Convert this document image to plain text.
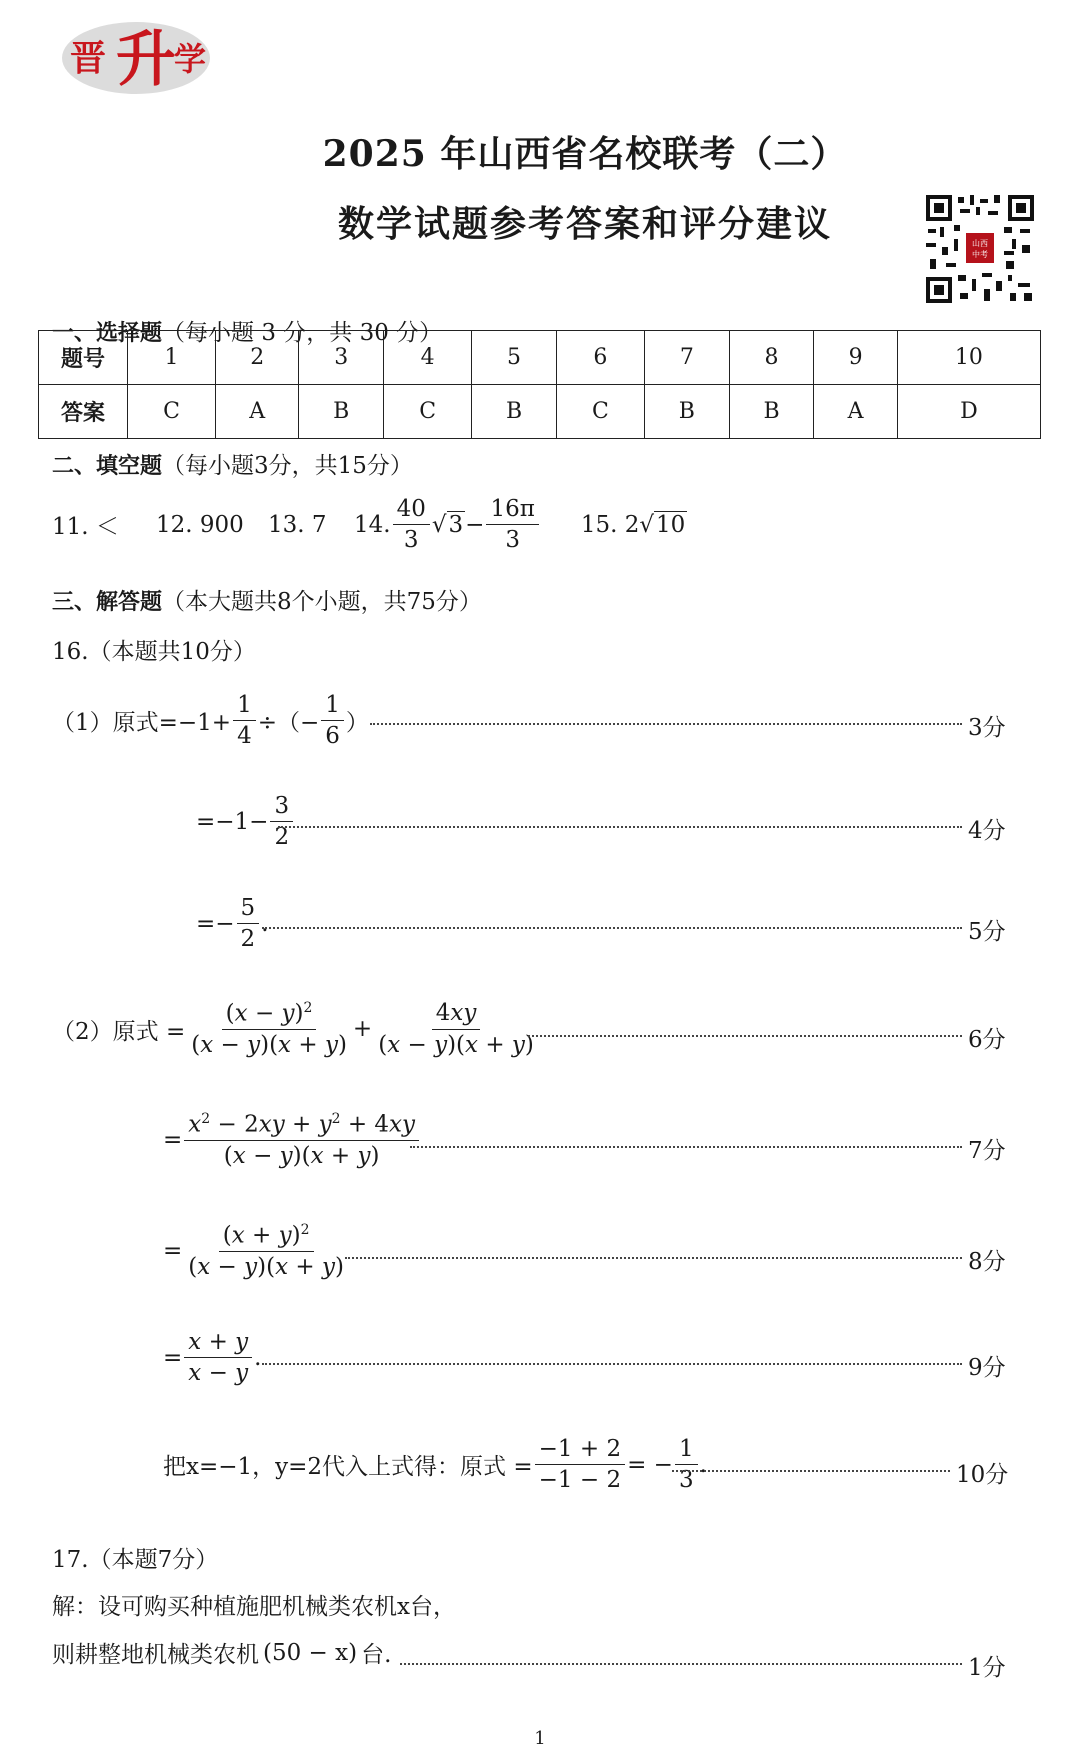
晋 升
学
2025 年山西省名校联考（二）
数学试题参考答案和评分建议	山西
中考
一、选择题（每小题 3 分，共 30 分）
题号	1	2	3	4	5	6	7	8	9	10
答案	C	A	B	C	B	C	B	B	A	D
二、填空题（每小题3分，共15分）
11. ＜	12. 900	13. 7	14. $\frac{40}{3} √3 - \frac{16\pi}{3} 15$. 2 √10
三、解答题（本大题共8个小题，共75分）
16.（本题共10分）
（1）原式$=-1+ \frac{1}{4}$ ÷（− $\frac{1}{6}$ ）	3分
$=-1- \frac{3}{2}$	4分
=− $\frac{5}{2}$ .	5分
（2）原式 = $\frac{(x - y)^2}{(x - y)(x + y)} + \frac{4xy}{(x - y)(x + y)}$	6分
= $\frac{x^2 - 2xy + y^2 + 4xy}{(x - y)(x + y)}$	7分
= $\frac{(x + y)^2}{(x - y)(x + y)}$	8分
= $\frac{x + y}{x - y}$ .	9分
把x=−1，y=2代入上式得：原式 = $\frac{-1 + 2}{-1 - 2}$ = − $\frac{1}{3}$ .	10分
17.（本题7分）
解：设可购买种植施肥机械类农机x台，
则耕整地机械类农机 (50 − x) 台.	1分
1
